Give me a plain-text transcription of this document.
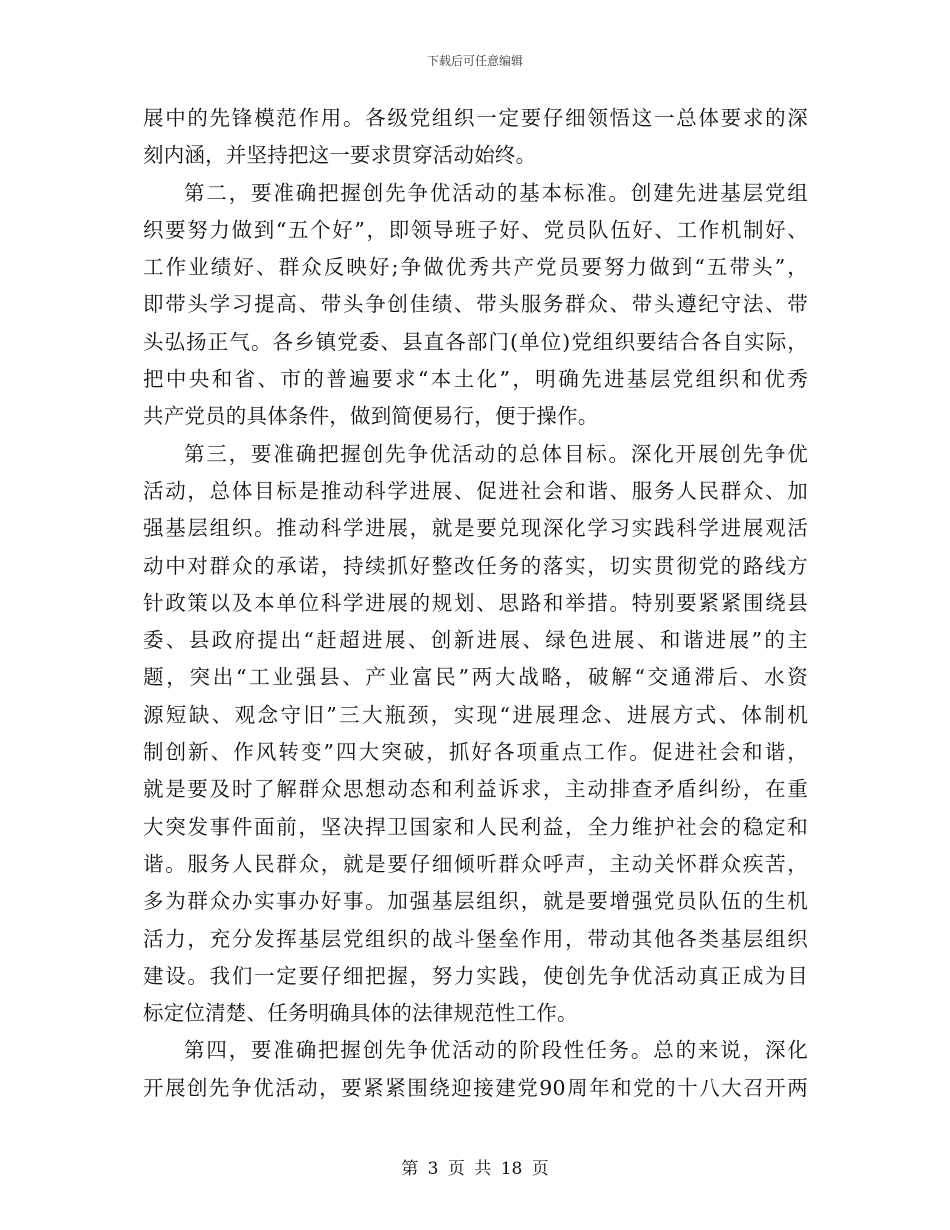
下载后可任意编辑
展中的先锋模范作用。各级党组织一定要仔细领悟这一总体要求的深
刻内涵，并坚持把这一要求贯穿活动始终。
第二，要准确把握创先争优活动的基本标准。创建先进基层党组
织要努力做到“五个好”，即领导班子好、党员队伍好、工作机制好、
工作业绩好、群众反映好;争做优秀共产党员要努力做到“五带头”，
即带头学习提高、带头争创佳绩、带头服务群众、带头遵纪守法、带
头弘扬正气。各乡镇党委、县直各部门(单位)党组织要结合各自实际，
把中央和省、市的普遍要求“本土化”，明确先进基层党组织和优秀
共产党员的具体条件，做到简便易行，便于操作。
第三，要准确把握创先争优活动的总体目标。深化开展创先争优
活动，总体目标是推动科学进展、促进社会和谐、服务人民群众、加
强基层组织。推动科学进展，就是要兑现深化学习实践科学进展观活
动中对群众的承诺，持续抓好整改任务的落实，切实贯彻党的路线方
针政策以及本单位科学进展的规划、思路和举措。特别要紧紧围绕县
委、县政府提出“赶超进展、创新进展、绿色进展、和谐进展”的主
题，突出“工业强县、产业富民”两大战略，破解“交通滞后、水资
源短缺、观念守旧”三大瓶颈，实现“进展理念、进展方式、体制机
制创新、作风转变”四大突破，抓好各项重点工作。促进社会和谐，
就是要及时了解群众思想动态和利益诉求，主动排查矛盾纠纷，在重
大突发事件面前，坚决捍卫国家和人民利益，全力维护社会的稳定和
谐。服务人民群众，就是要仔细倾听群众呼声，主动关怀群众疾苦，
多为群众办实事办好事。加强基层组织，就是要增强党员队伍的生机
活力，充分发挥基层党组织的战斗堡垒作用，带动其他各类基层组织
建设。我们一定要仔细把握，努力实践，使创先争优活动真正成为目
标定位清楚、任务明确具体的法律规范性工作。
第四，要准确把握创先争优活动的阶段性任务。总的来说，深化
开展创先争优活动，要紧紧围绕迎接建党90周年和党的十八大召开两
第 3 页 共 18 页
